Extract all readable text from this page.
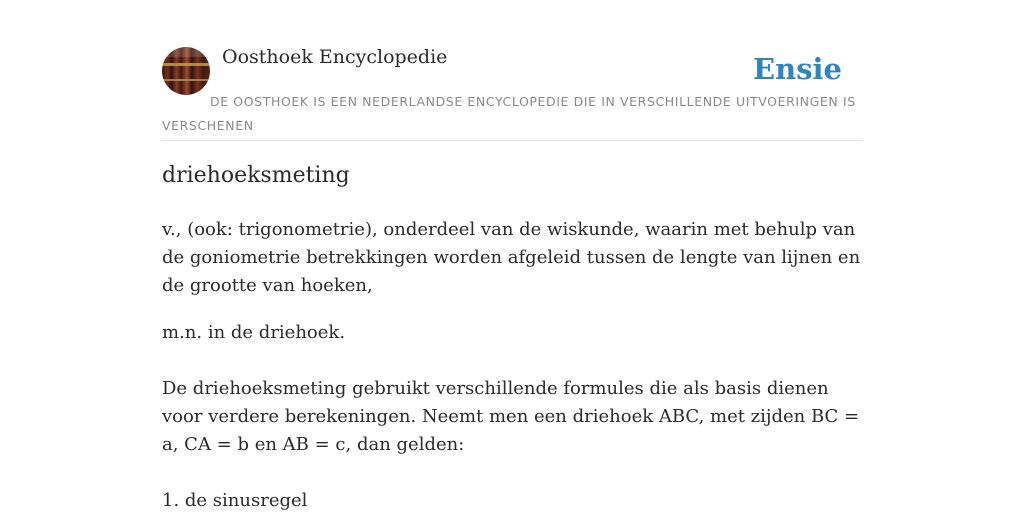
Oosthoek Encyclopedie	Ensie
DE OOSTHOEK IS EEN NEDERLANDSE ENCYCLOPEDIE DIE IN VERSCHILLENDE UITVOERINGEN IS VERSCHENEN
driehoeksmeting

v., (ook: trigonometrie), onderdeel van de wiskunde, waarin met behulp van de goniometrie betrekkingen worden afgeleid tussen de lengte van lijnen en de grootte van hoeken,

m.n. in de driehoek.

De driehoeksmeting gebruikt verschillende formules die als basis dienen voor verdere berekeningen. Neemt men een driehoek ABC, met zijden BC = a, CA = b en AB = c, dan gelden:

1. de sinusregel
